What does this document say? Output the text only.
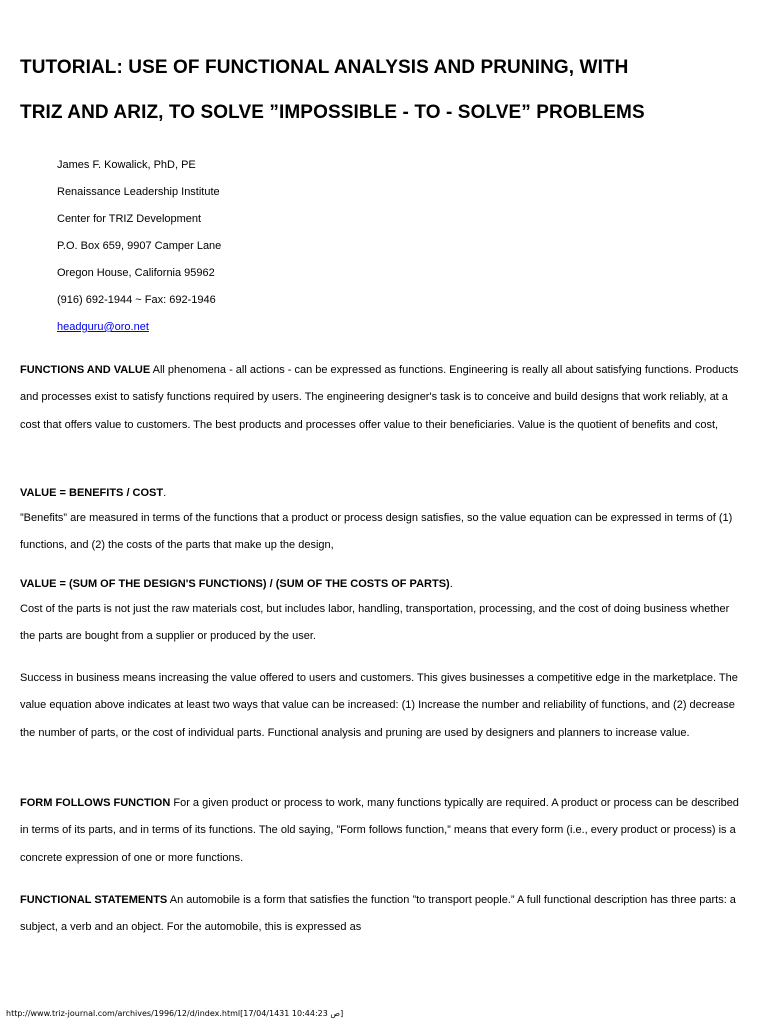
TUTORIAL: USE OF FUNCTIONAL ANALYSIS AND PRUNING, WITH
TRIZ AND ARIZ, TO SOLVE ”IMPOSSIBLE - TO - SOLVE” PROBLEMS
James F. Kowalick, PhD, PE
Renaissance Leadership Institute
Center for TRIZ Development
P.O. Box 659, 9907 Camper Lane
Oregon House, California 95962
(916) 692-1944 ~ Fax: 692-1946
headguru@oro.net
FUNCTIONS AND VALUE All phenomena - all actions - can be expressed as functions. Engineering is really all about satisfying functions. Products and processes exist to satisfy functions required by users. The engineering designer's task is to conceive and build designs that work reliably, at a cost that offers value to customers. The best products and processes offer value to their beneficiaries. Value is the quotient of benefits and cost,
VALUE = BENEFITS / COST.
”Benefits” are measured in terms of the functions that a product or process design satisfies, so the value equation can be expressed in terms of (1) functions, and (2) the costs of the parts that make up the design,
VALUE = (SUM OF THE DESIGN'S FUNCTIONS) / (SUM OF THE COSTS OF PARTS).
Cost of the parts is not just the raw materials cost, but includes labor, handling, transportation, processing, and the cost of doing business whether the parts are bought from a supplier or produced by the user.
Success in business means increasing the value offered to users and customers. This gives businesses a competitive edge in the marketplace. The value equation above indicates at least two ways that value can be increased: (1) Increase the number and reliability of functions, and (2) decrease the number of parts, or the cost of individual parts. Functional analysis and pruning are used by designers and planners to increase value.
FORM FOLLOWS FUNCTION For a given product or process to work, many functions typically are required. A product or process can be described in terms of its parts, and in terms of its functions. The old saying, ”Form follows function,” means that every form (i.e., every product or process) is a concrete expression of one or more functions.
FUNCTIONAL STATEMENTS An automobile is a form that satisfies the function ”to transport people.” A full functional description has three parts: a subject, a verb and an object. For the automobile, this is expressed as
http://www.triz-journal.com/archives/1996/12/d/index.html[ص 10:44:23 17/04/1431]
